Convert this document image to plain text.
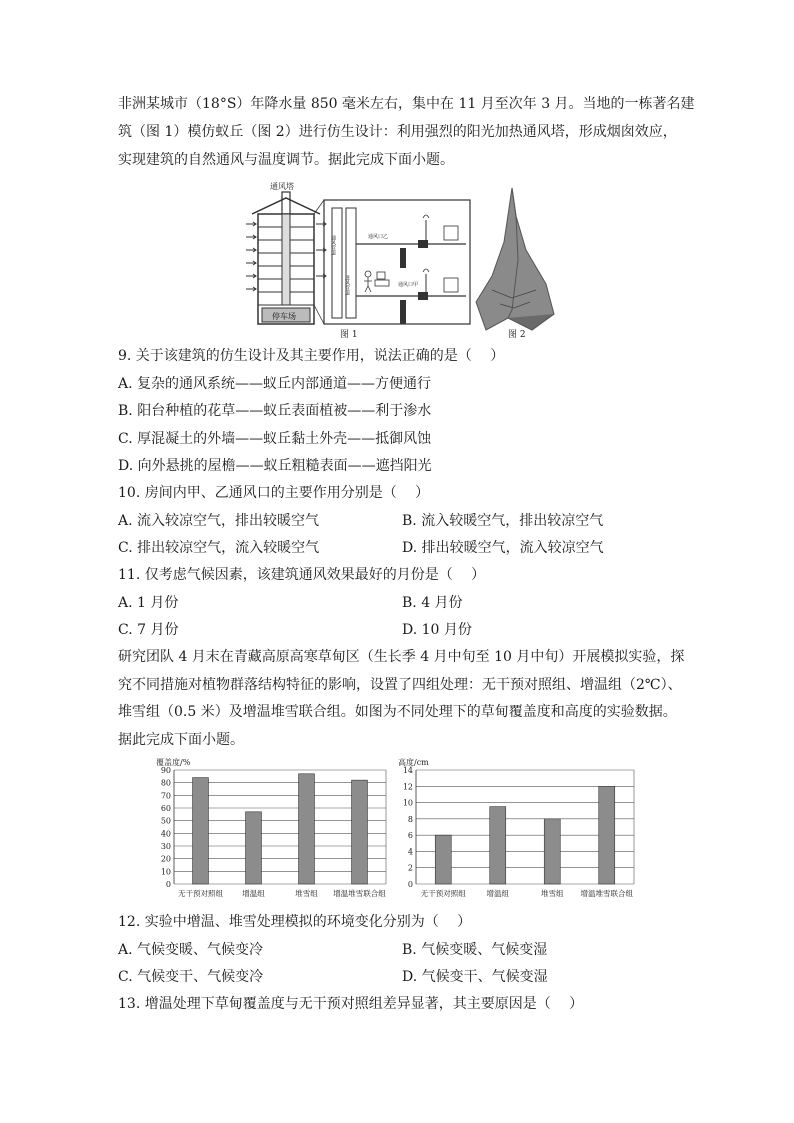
非洲某城市（18°S）年降水量 850 毫米左右，集中在 11 月至次年 3 月。当地的一栋著名建
筑（图 1）模仿蚁丘（图 2）进行仿生设计：利用强烈的阳光加热通风塔，形成烟囱效应，
实现建筑的自然通风与温度调节。据此完成下面小题。
通风塔
停车场
通风管道
进风管道
通风口乙
通风口甲
图 1	图 2
9. 关于该建筑的仿生设计及其主要作用，说法正确的是（　 ）
A. 复杂的通风系统——蚁丘内部通道——方便通行
B. 阳台种植的花草——蚁丘表面植被——利于渗水
C. 厚混凝土的外墙——蚁丘黏土外壳——抵御风蚀
D. 向外悬挑的屋檐——蚁丘粗糙表面——遮挡阳光
10. 房间内甲、乙通风口的主要作用分别是（　 ）
A. 流入较凉空气，排出较暖空气	B. 流入较暖空气，排出较凉空气
C. 排出较凉空气，流入较暖空气	D. 排出较暖空气，流入较凉空气
11. 仅考虑气候因素，该建筑通风效果最好的月份是（　 ）
A. 1 月份	B. 4 月份
C. 7 月份	D. 10 月份
研究团队 4 月末在青藏高原高寒草甸区（生长季 4 月中旬至 10 月中旬）开展模拟实验，探
究不同措施对植物群落结构特征的影响，设置了四组处理：无干预对照组、增温组（2℃）、
堆雪组（0.5 米）及增温堆雪联合组。如图为不同处理下的草甸覆盖度和高度的实验数据。
据此完成下面小题。
覆盖度/%
0
10
20
30
40
50
60
70
80
90
无干预对照组	增温组	堆雪组 增温堆雪联合组
高度/cm
0
2
4
6
8
10
12
14
无干预对照组	增温组	堆雪组 增温堆雪联合组
12. 实验中增温、堆雪处理模拟的环境变化分别为（　 ）
A. 气候变暖、气候变冷	B. 气候变暖、气候变湿
C. 气候变干、气候变冷	D. 气候变干、气候变湿
13. 增温处理下草甸覆盖度与无干预对照组差异显著，其主要原因是（　 ）
